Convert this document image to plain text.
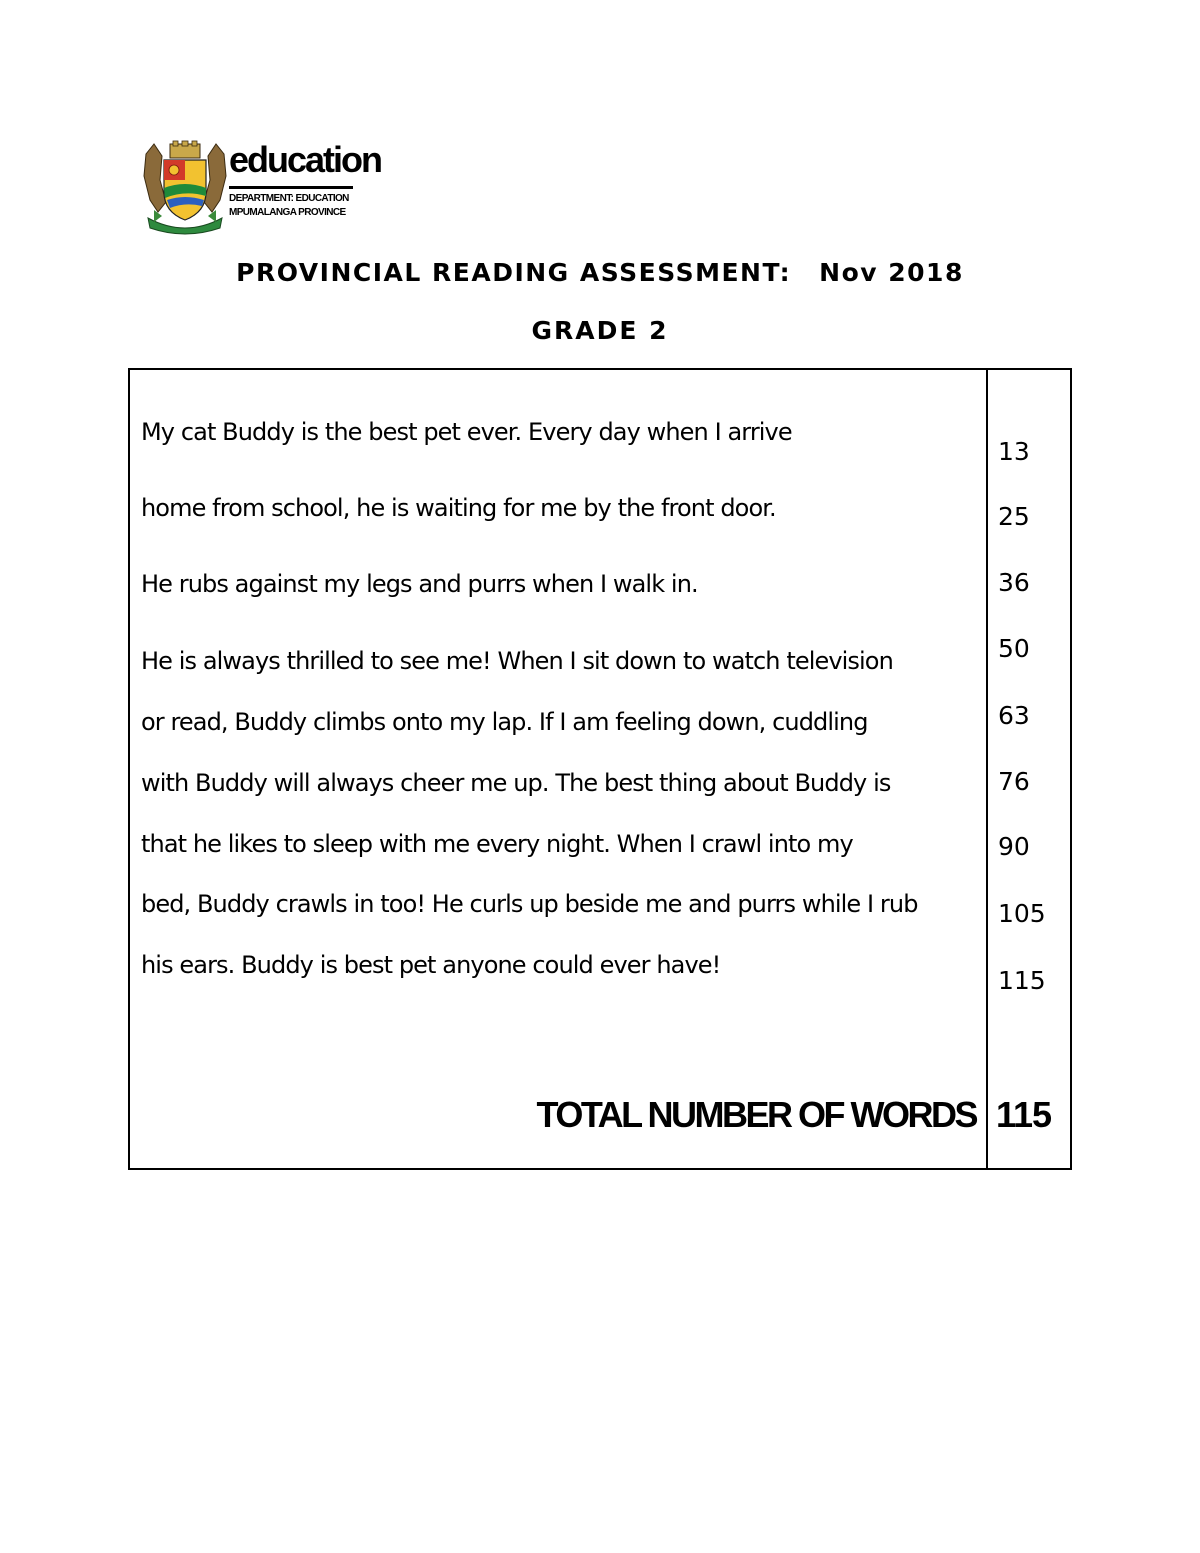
education
DEPARTMENT: EDUCATION
MPUMALANGA PROVINCE
PROVINCIAL READING ASSESSMENT: Nov 2018
GRADE 2
My cat Buddy is the best pet ever. Every day when I arrive
home from school, he is waiting for me by the front door.
He rubs against my legs and purrs when I walk in.
He is always thrilled to see me! When I sit down to watch television
or read, Buddy climbs onto my lap. If I am feeling down, cuddling
with Buddy will always cheer me up. The best thing about Buddy is
that he likes to sleep with me every night. When I crawl into my
bed, Buddy crawls in too! He curls up beside me and purrs while I rub
his ears. Buddy is best pet anyone could ever have!
13
25
36
50
63
76
90
105
115
TOTAL NUMBER OF WORDS 115
